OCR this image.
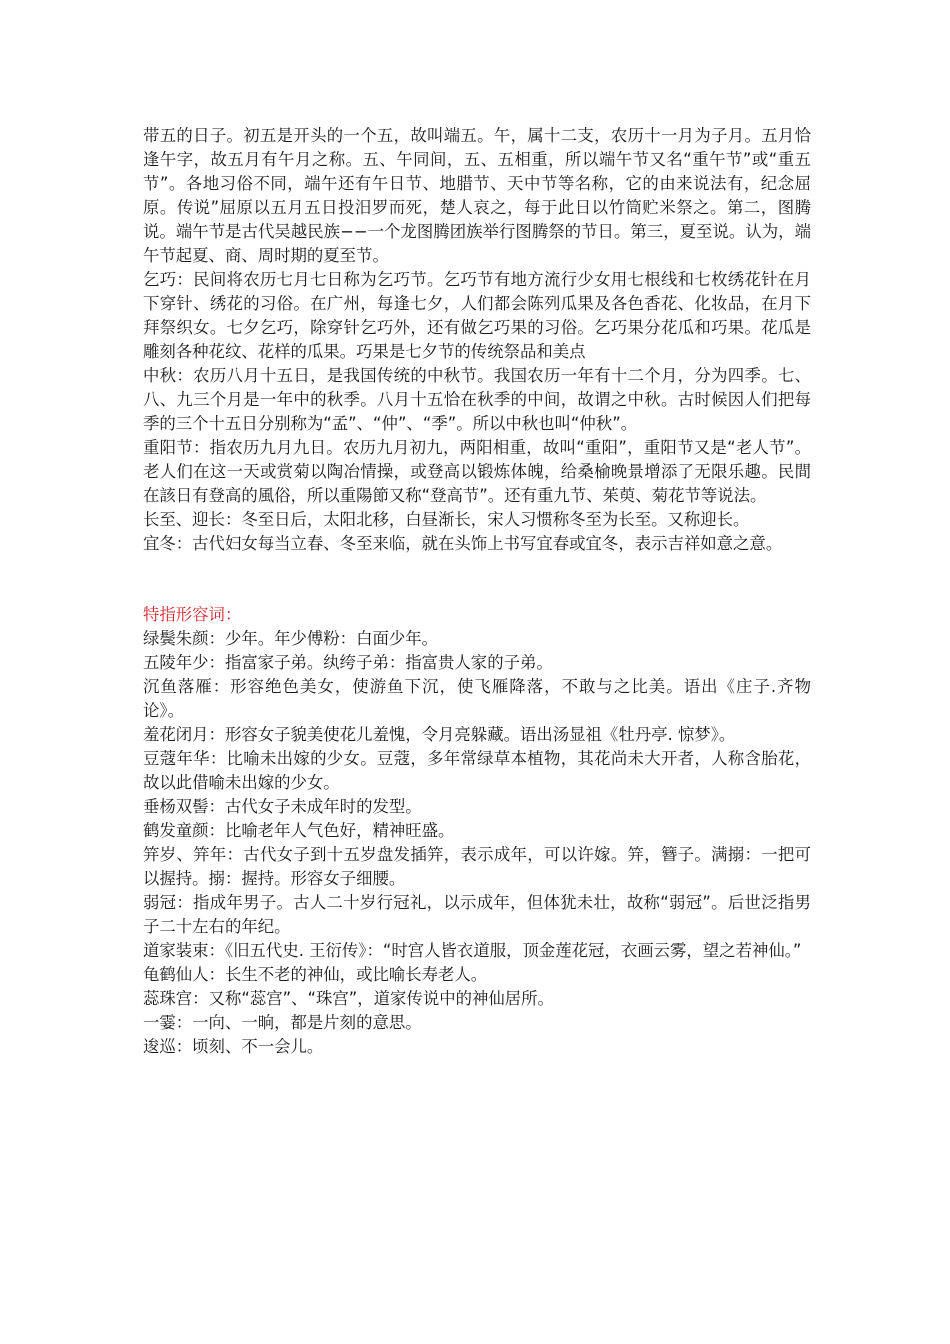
带五的日子。初五是开头的一个五，故叫端五。午，属十二支，农历十一月为子月。五月恰逢午字，故五月有午月之称。五、午同间，五、五相重，所以端午节又名“重午节”或“重五节”。各地习俗不同，端午还有午日节、地腊节、天中节等名称，它的由来说法有，纪念屈原。传说”屈原以五月五日投汨罗而死，楚人哀之，每于此日以竹筒贮米祭之。第二，图腾说。端午节是古代吴越民族−−一个龙图腾团族举行图腾祭的节日。第三，夏至说。认为，端午节起夏、商、周时期的夏至节。

乞巧：民间将农历七月七日称为乞巧节。乞巧节有地方流行少女用七根线和七枚绣花针在月下穿针、绣花的习俗。在广州，每逢七夕，人们都会陈列瓜果及各色香花、化妆品，在月下拜祭织女。七夕乞巧，除穿针乞巧外，还有做乞巧果的习俗。乞巧果分花瓜和巧果。花瓜是雕刻各种花纹、花样的瓜果。巧果是七夕节的传统祭品和美点

中秋：农历八月十五日，是我国传统的中秋节。我国农历一年有十二个月，分为四季。七、八、九三个月是一年中的秋季。八月十五恰在秋季的中间，故谓之中秋。古时候因人们把每季的三个十五日分别称为“孟”、“仲”、“季”。所以中秋也叫“仲秋”。

重阳节：指农历九月九日。农历九月初九，两阳相重，故叫“重阳”，重阳节又是“老人节”。老人们在这一天或赏菊以陶冶情操，或登高以锻炼体魄，给桑榆晚景增添了无限乐趣。民間在該日有登高的風俗，所以重陽節又称“登高节”。还有重九节、茱萸、菊花节等说法。

长至、迎长：冬至日后，太阳北移，白昼渐长，宋人习惯称冬至为长至。又称迎长。

宜冬：古代妇女每当立春、冬至来临，就在头饰上书写宜春或宜冬，表示吉祥如意之意。

特指形容词：

绿鬓朱颜：少年。年少傅粉：白面少年。

五陵年少：指富家子弟。纨绔子弟：指富贵人家的子弟。

沉鱼落雁：形容绝色美女，使游鱼下沉，使飞雁降落，不敢与之比美。语出《庄子.齐物论》。

羞花闭月：形容女子貌美使花儿羞愧，令月亮躲藏。语出汤显祖《牡丹亭. 惊梦》。

豆蔻年华：比喻未出嫁的少女。豆蔻，多年常绿草本植物，其花尚未大开者，人称含胎花，故以此借喻未出嫁的少女。

垂杨双髻：古代女子未成年时的发型。

鹤发童颜：比喻老年人气色好，精神旺盛。

笄岁、笄年：古代女子到十五岁盘发插笄，表示成年，可以许嫁。笄，簪子。满搦：一把可以握持。搦：握持。形容女子细腰。

弱冠：指成年男子。古人二十岁行冠礼，以示成年，但体犹未壮，故称“弱冠”。后世泛指男子二十左右的年纪。

道家装束：《旧五代史. 王衍传》：“时宫人皆衣道服，顶金莲花冠，衣画云雾，望之若神仙。”

龟鹤仙人：长生不老的神仙，或比喻长寿老人。

蕊珠宫：又称“蕊宫”、“珠宫”，道家传说中的神仙居所。

一霎：一向、一晌，都是片刻的意思。

逡巡：顷刻、不一会儿。
